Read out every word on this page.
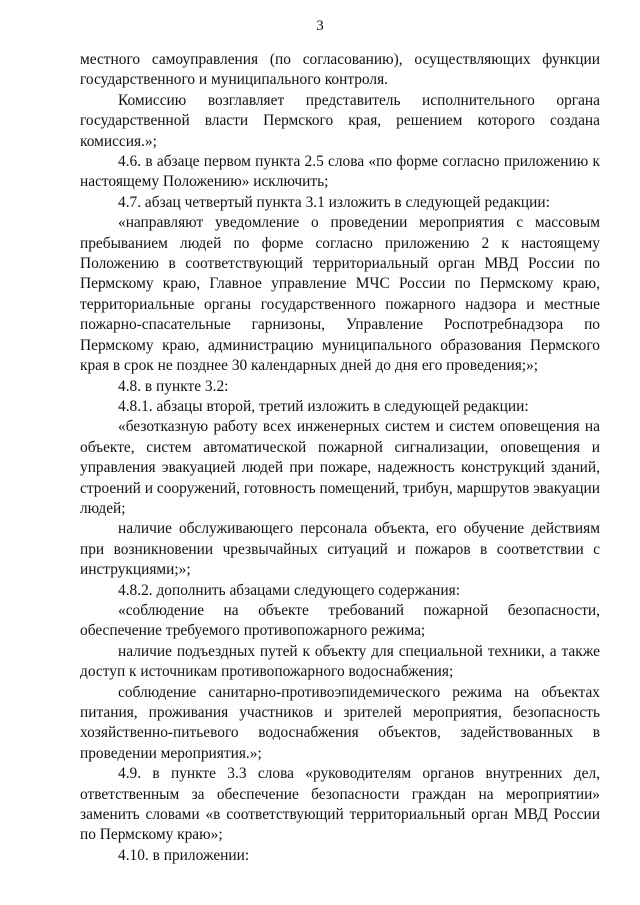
3

местного самоуправления (по согласованию), осуществляющих функции государственного и муниципального контроля.

Комиссию возглавляет представитель исполнительного органа государственной власти Пермского края, решением которого создана комиссия.»;

4.6. в абзаце первом пункта 2.5 слова «по форме согласно приложению к настоящему Положению» исключить;

4.7. абзац четвертый пункта 3.1 изложить в следующей редакции:

«направляют уведомление о проведении мероприятия с массовым пребыванием людей по форме согласно приложению 2 к настоящему Положению в соответствующий территориальный орган МВД России по Пермскому краю, Главное управление МЧС России по Пермскому краю, территориальные органы государственного пожарного надзора и местные пожарно-спасательные гарнизоны, Управление Роспотребнадзора по Пермскому краю, администрацию муниципального образования Пермского края в срок не позднее 30 календарных дней до дня его проведения;»;

4.8. в пункте 3.2:

4.8.1. абзацы второй, третий изложить в следующей редакции:

«безотказную работу всех инженерных систем и систем оповещения на объекте, систем автоматической пожарной сигнализации, оповещения и управления эвакуацией людей при пожаре, надежность конструкций зданий, строений и сооружений, готовность помещений, трибун, маршрутов эвакуации людей;

наличие обслуживающего персонала объекта, его обучение действиям при возникновении чрезвычайных ситуаций и пожаров в соответствии с инструкциями;»;

4.8.2. дополнить абзацами следующего содержания:

«соблюдение на объекте требований пожарной безопасности, обеспечение требуемого противопожарного режима;

наличие подъездных путей к объекту для специальной техники, а также доступ к источникам противопожарного водоснабжения;

соблюдение санитарно-противоэпидемического режима на объектах питания, проживания участников и зрителей мероприятия, безопасность хозяйственно-питьевого водоснабжения объектов, задействованных в проведении мероприятия.»;

4.9. в пункте 3.3 слова «руководителям органов внутренних дел, ответственным за обеспечение безопасности граждан на мероприятии» заменить словами «в соответствующий территориальный орган МВД России по Пермскому краю»;

4.10. в приложении:
